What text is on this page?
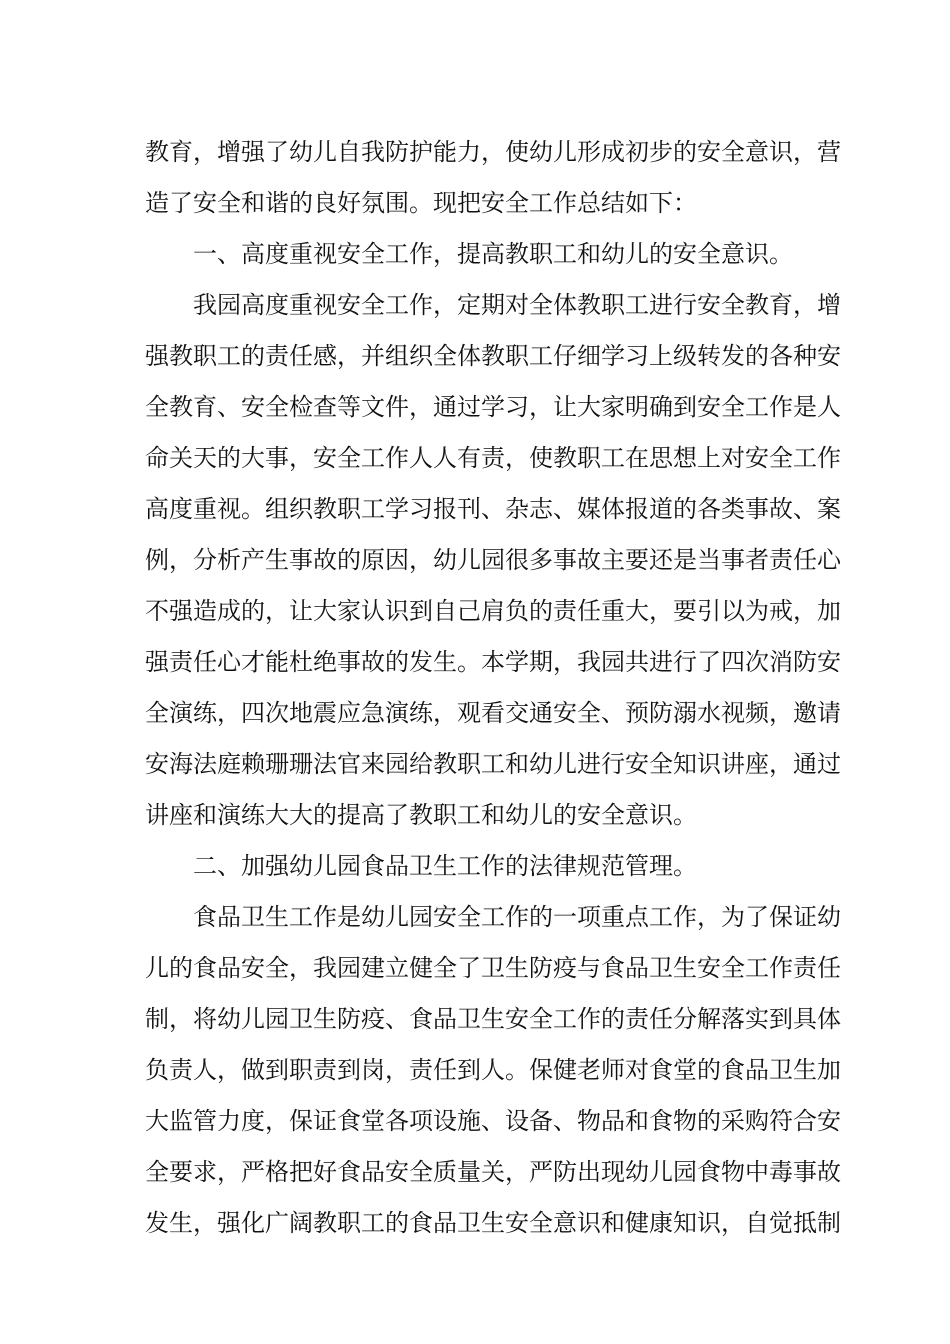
教育，增强了幼儿自我防护能力，使幼儿形成初步的安全意识，营
造了安全和谐的良好氛围。现把安全工作总结如下：
一、高度重视安全工作，提高教职工和幼儿的安全意识。
我园高度重视安全工作，定期对全体教职工进行安全教育，增
强教职工的责任感，并组织全体教职工仔细学习上级转发的各种安
全教育、安全检查等文件，通过学习，让大家明确到安全工作是人
命关天的大事，安全工作人人有责，使教职工在思想上对安全工作
高度重视。组织教职工学习报刊、杂志、媒体报道的各类事故、案
例，分析产生事故的原因，幼儿园很多事故主要还是当事者责任心
不强造成的，让大家认识到自己肩负的责任重大，要引以为戒，加
强责任心才能杜绝事故的发生。本学期，我园共进行了四次消防安
全演练，四次地震应急演练，观看交通安全、预防溺水视频，邀请
安海法庭赖珊珊法官来园给教职工和幼儿进行安全知识讲座，通过
讲座和演练大大的提高了教职工和幼儿的安全意识。
二、加强幼儿园食品卫生工作的法律规范管理。
食品卫生工作是幼儿园安全工作的一项重点工作，为了保证幼
儿的食品安全，我园建立健全了卫生防疫与食品卫生安全工作责任
制，将幼儿园卫生防疫、食品卫生安全工作的责任分解落实到具体
负责人，做到职责到岗，责任到人。保健老师对食堂的食品卫生加
大监管力度，保证食堂各项设施、设备、物品和食物的采购符合安
全要求，严格把好食品安全质量关，严防出现幼儿园食物中毒事故
发生，强化广阔教职工的食品卫生安全意识和健康知识，自觉抵制
